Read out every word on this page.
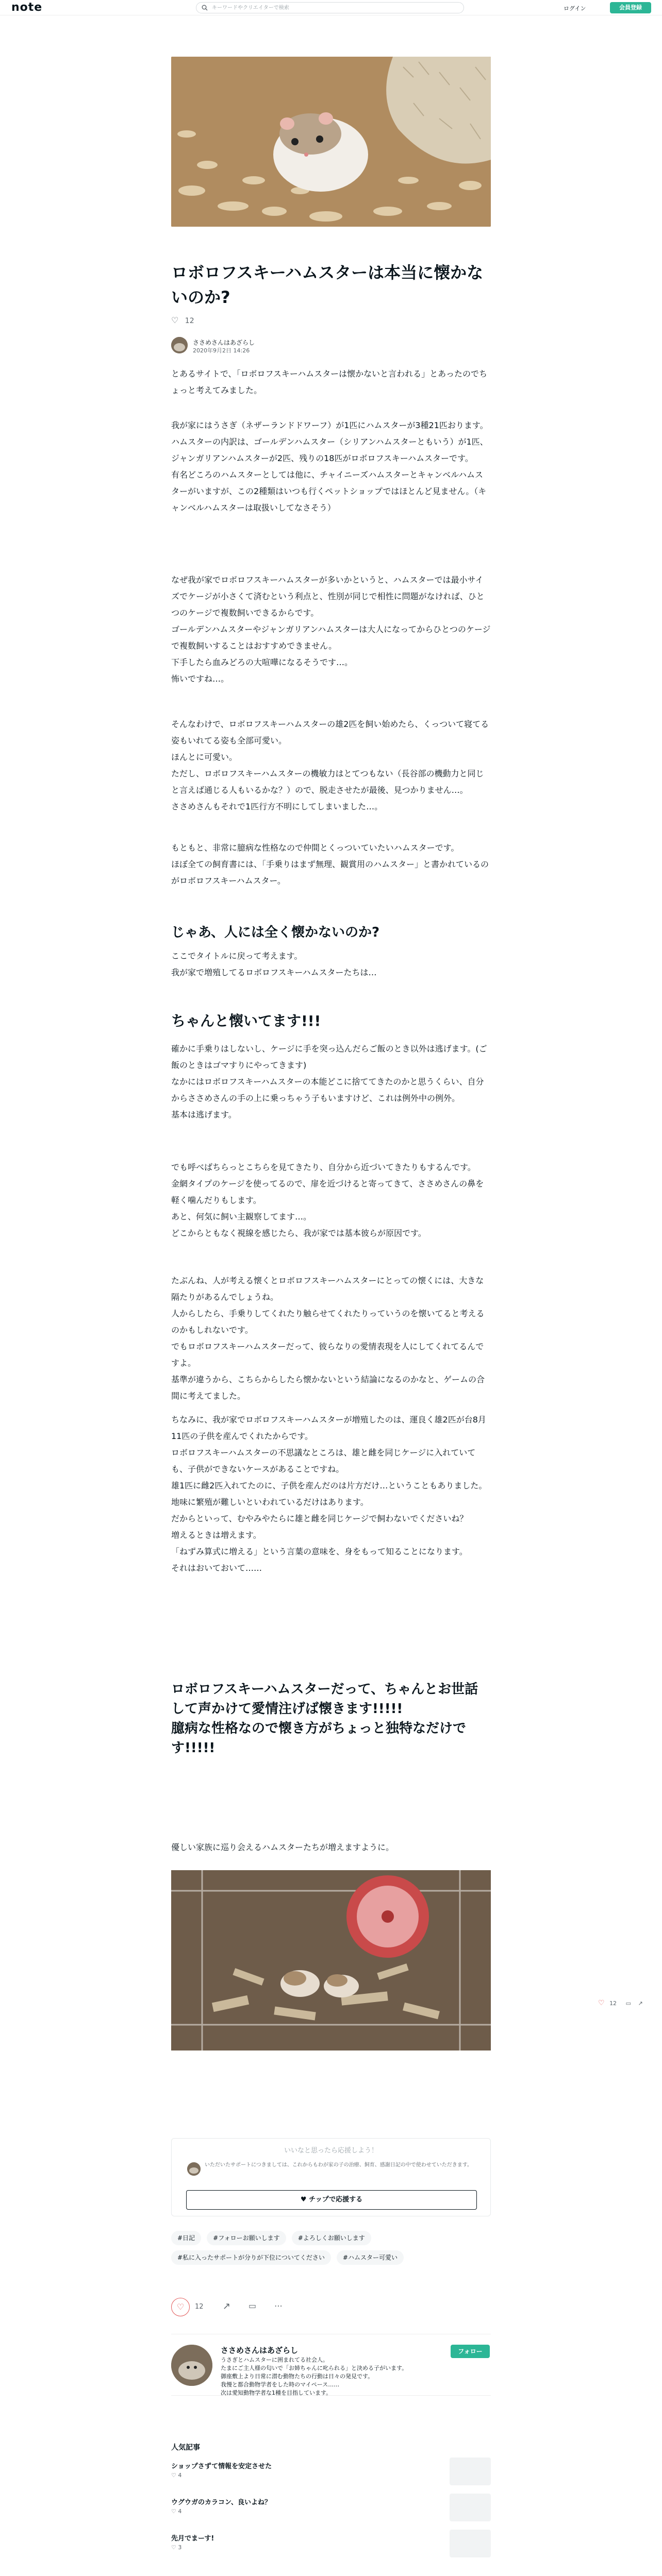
note	キーワードやクリエイターで検索	ログイン	会員登録
ロボロフスキーハムスターは本当に懐かないのか?
♡ 12
ささめさんはあざらし
2020年9月2日 14:26
とあるサイトで、「ロボロフスキーハムスターは懐かないと言われる」とあったのでちょっと考えてみました。
我が家にはうさぎ（ネザーランドドワーフ）が1匹にハムスターが3種21匹おります。
ハムスターの内訳は、ゴールデンハムスター（シリアンハムスターともいう）が1匹、ジャンガリアンハムスターが2匹、残りの18匹がロボロフスキーハムスターです。
有名どころのハムスターとしては他に、チャイニーズハムスターとキャンベルハムスターがいますが、この2種類はいつも行くペットショップではほとんど見ません。（キャンベルハムスターは取扱いしてなさそう）
なぜ我が家でロボロフスキーハムスターが多いかというと、ハムスターでは最小サイズでケージが小さくて済むという利点と、性別が同じで相性に問題がなければ、ひとつのケージで複数飼いできるからです。
ゴールデンハムスターやジャンガリアンハムスターは大人になってからひとつのケージで複数飼いすることはおすすめできません。
下手したら血みどろの大喧嘩になるそうです…。
怖いですね…。
そんなわけで、ロボロフスキーハムスターの雄2匹を飼い始めたら、くっついて寝てる姿もいれてる姿も全部可愛い。
ほんとに可愛い。
ただし、ロボロフスキーハムスターの機敏力はとてつもない（長谷部の機動力と同じと言えば通じる人もいるかな？）ので、脱走させたが最後、見つかりません…。
ささめさんもそれで1匹行方不明にしてしまいました…。
もともと、非常に臆病な性格なので仲間とくっついていたいハムスターです。
ほぼ全ての飼育書には、「手乗りはまず無理、観賞用のハムスター」と書かれているのがロボロフスキーハムスター。
じゃあ、人には全く懐かないのか?
ここでタイトルに戻って考えます。
我が家で増殖してるロボロフスキーハムスターたちは…
ちゃんと懐いてます!!!
確かに手乗りはしないし、ケージに手を突っ込んだらご飯のとき以外は逃げます。(ご飯のときはゴマすりにやってきます)
なかにはロボロフスキーハムスターの本能どこに捨ててきたのかと思うくらい、自分からささめさんの手の上に乗っちゃう子もいますけど、これは例外中の例外。
基本は逃げます。
でも呼べばちらっとこちらを見てきたり、自分から近づいてきたりもするんです。
金網タイプのケージを使ってるので、扉を近づけると寄ってきて、ささめさんの鼻を軽く噛んだりもします。
あと、何気に飼い主観察してます…。
どこからともなく視線を感じたら、我が家では基本彼らが原因です。
たぶんね、人が考える懐くとロボロフスキーハムスターにとっての懐くには、大きな隔たりがあるんでしょうね。
人からしたら、手乗りしてくれたり触らせてくれたりっていうのを懐いてると考えるのかもしれないです。
でもロボロフスキーハムスターだって、彼らなりの愛情表現を人にしてくれてるんですよ。
基準が違うから、こちらからしたら懐かないという結論になるのかなと、ゲームの合間に考えてました。
ちなみに、我が家でロボロフスキーハムスターが増殖したのは、運良く雄2匹が台8月11匹の子供を産んでくれたからです。
ロボロフスキーハムスターの不思議なところは、雄と雌を同じケージに入れていても、子供ができないケースがあることですね。
雄1匹に雌2匹入れてたのに、子供を産んだのは片方だけ…ということもありました。
地味に繁殖が難しいといわれているだけはあります。
だからといって、むやみやたらに雄と雌を同じケージで飼わないでくださいね？
増えるときは増えます。
「ねずみ算式に増える」という言葉の意味を、身をもって知ることになります。
それはおいておいて……
ロボロフスキーハムスターだって、ちゃんとお世話して声かけて愛情注げば懐きます!!!!!
臆病な性格なので懐き方がちょっと独特なだけです!!!!!
優しい家族に巡り会えるハムスターたちが増えますように。
いいなと思ったら応援しよう！
いただいたサポートにつきましては、これからもわが家の子の治療、飼育、感謝日記の中で使わせていただきます。
♥ チップで応援する
#日記	#フォローお願いします	#よろしくお願いします #私に入ったサポートが分りが下位についてください	#ハムスター可愛い
♡	12 ↗ ▭ ⋯
ささめさんはあざらし
うさぎとハムスターに囲まれてる社会人。
たまにご主人様の匂いで「お姉ちゃんに叱られる」と決める子がいます。
御座敷上より日常に潜む動物たちの行動は日々の発見です。
我慢と都合動物学者をした時のマイペース……
次は愛知動物学者な1種を目指しています。
フォロー
人気記事
ショップさずて情報を安定させた
♡ 4
ウグウガのカラコン、良いよね？
♡ 4
先月でまーす!
♡ 3
♡ 12 ▭ ↗
